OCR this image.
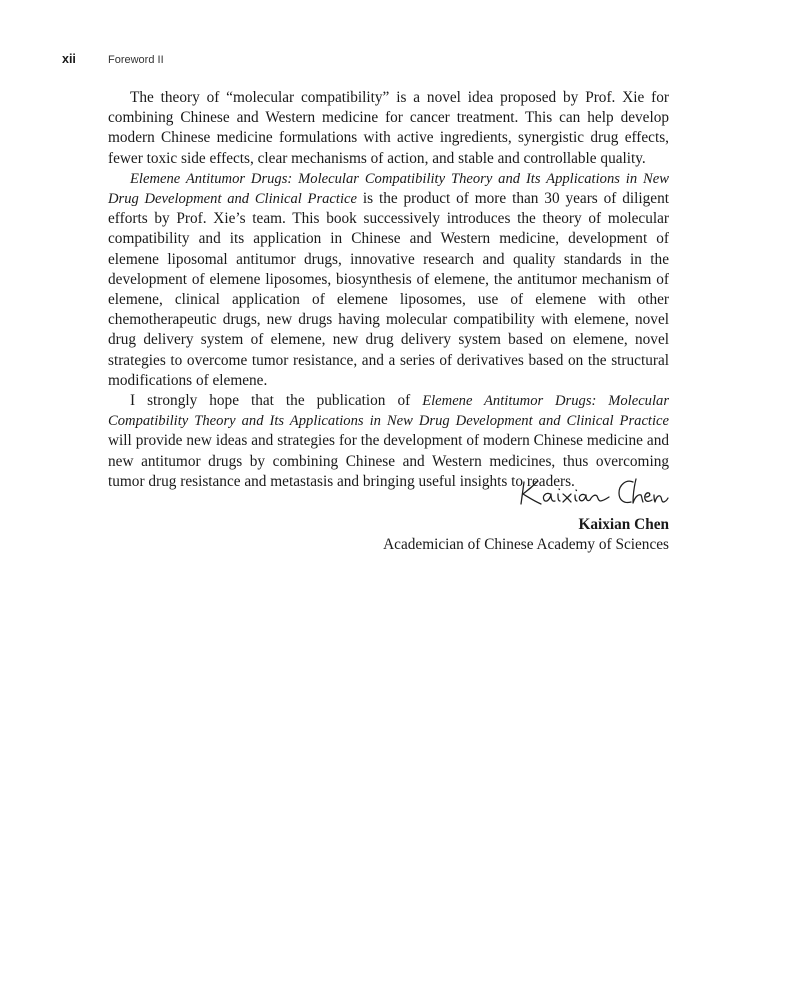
xii	Foreword II

The theory of “molecular compatibility” is a novel idea proposed by Prof. Xie for combining Chinese and Western medicine for cancer treatment. This can help develop modern Chinese medicine formulations with active ingredients, synergistic drug effects, fewer toxic side effects, clear mechanisms of action, and stable and controllable quality.

Elemene Antitumor Drugs: Molecular Compatibility Theory and Its Applications in New Drug Development and Clinical Practice is the product of more than 30 years of diligent efforts by Prof. Xie’s team. This book successively introduces the theory of molecular compatibility and its application in Chinese and Western medicine, development of elemene liposomal antitumor drugs, innovative research and quality standards in the development of elemene liposomes, biosynthesis of elemene, the antitumor mechanism of elemene, clinical application of elemene liposomes, use of elemene with other chemotherapeutic drugs, new drugs having molecular compatibility with elemene, novel drug delivery system of elemene, new drug delivery system based on elemene, novel strategies to overcome tumor resistance, and a series of derivatives based on the structural modifications of elemene.

I strongly hope that the publication of Elemene Antitumor Drugs: Molecular Compatibility Theory and Its Applications in New Drug Development and Clinical Practice will provide new ideas and strategies for the development of modern Chinese medicine and new antitumor drugs by combining Chinese and Western medicines, thus overcoming tumor drug resistance and metastasis and bringing useful insights to readers.

Kaixian Chen
Academician of Chinese Academy of Sciences
